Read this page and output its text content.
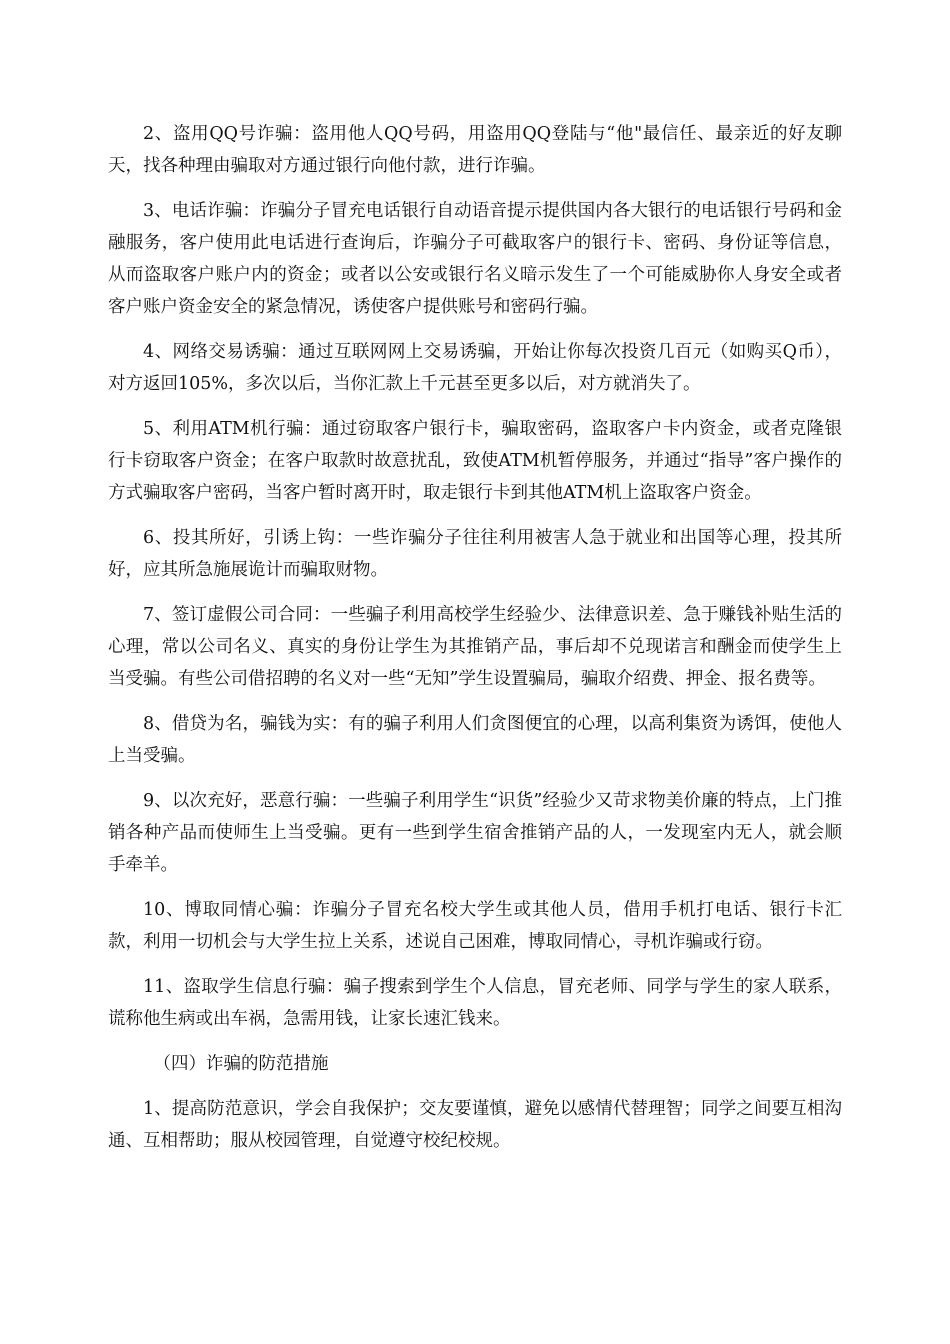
2、盗用QQ号诈骗：盗用他人QQ号码，用盗用QQ登陆与“他"最信任、最亲近的好友聊天，找各种理由骗取对方通过银行向他付款，进行诈骗。

3、电话诈骗：诈骗分子冒充电话银行自动语音提示提供国内各大银行的电话银行号码和金融服务，客户使用此电话进行查询后，诈骗分子可截取客户的银行卡、密码、身份证等信息，从而盗取客户账户内的资金；或者以公安或银行名义暗示发生了一个可能威胁你人身安全或者客户账户资金安全的紧急情况，诱使客户提供账号和密码行骗。

4、网络交易诱骗：通过互联网网上交易诱骗，开始让你每次投资几百元（如购买Q币），对方返回105%，多次以后，当你汇款上千元甚至更多以后，对方就消失了。

5、利用ATM机行骗：通过窃取客户银行卡，骗取密码，盗取客户卡内资金，或者克隆银行卡窃取客户资金；在客户取款时故意扰乱，致使ATM机暂停服务，并通过“指导”客户操作的方式骗取客户密码，当客户暂时离开时，取走银行卡到其他ATM机上盗取客户资金。

6、投其所好，引诱上钩：一些诈骗分子往往利用被害人急于就业和出国等心理，投其所好，应其所急施展诡计而骗取财物。

7、签订虚假公司合同：一些骗子利用高校学生经验少、法律意识差、急于赚钱补贴生活的心理，常以公司名义、真实的身份让学生为其推销产品，事后却不兑现诺言和酬金而使学生上当受骗。有些公司借招聘的名义对一些“无知”学生设置骗局，骗取介绍费、押金、报名费等。

8、借贷为名，骗钱为实：有的骗子利用人们贪图便宜的心理，以高利集资为诱饵，使他人上当受骗。

9、以次充好，恶意行骗：一些骗子利用学生“识货”经验少又苛求物美价廉的特点，上门推销各种产品而使师生上当受骗。更有一些到学生宿舍推销产品的人，一发现室内无人，就会顺手牵羊。

10、博取同情心骗：诈骗分子冒充名校大学生或其他人员，借用手机打电话、银行卡汇款，利用一切机会与大学生拉上关系，述说自己困难，博取同情心，寻机诈骗或行窃。

11、盗取学生信息行骗：骗子搜索到学生个人信息，冒充老师、同学与学生的家人联系，谎称他生病或出车祸，急需用钱，让家长速汇钱来。

（四）诈骗的防范措施

1、提高防范意识，学会自我保护；交友要谨慎，避免以感情代替理智；同学之间要互相沟通、互相帮助；服从校园管理，自觉遵守校纪校规。
